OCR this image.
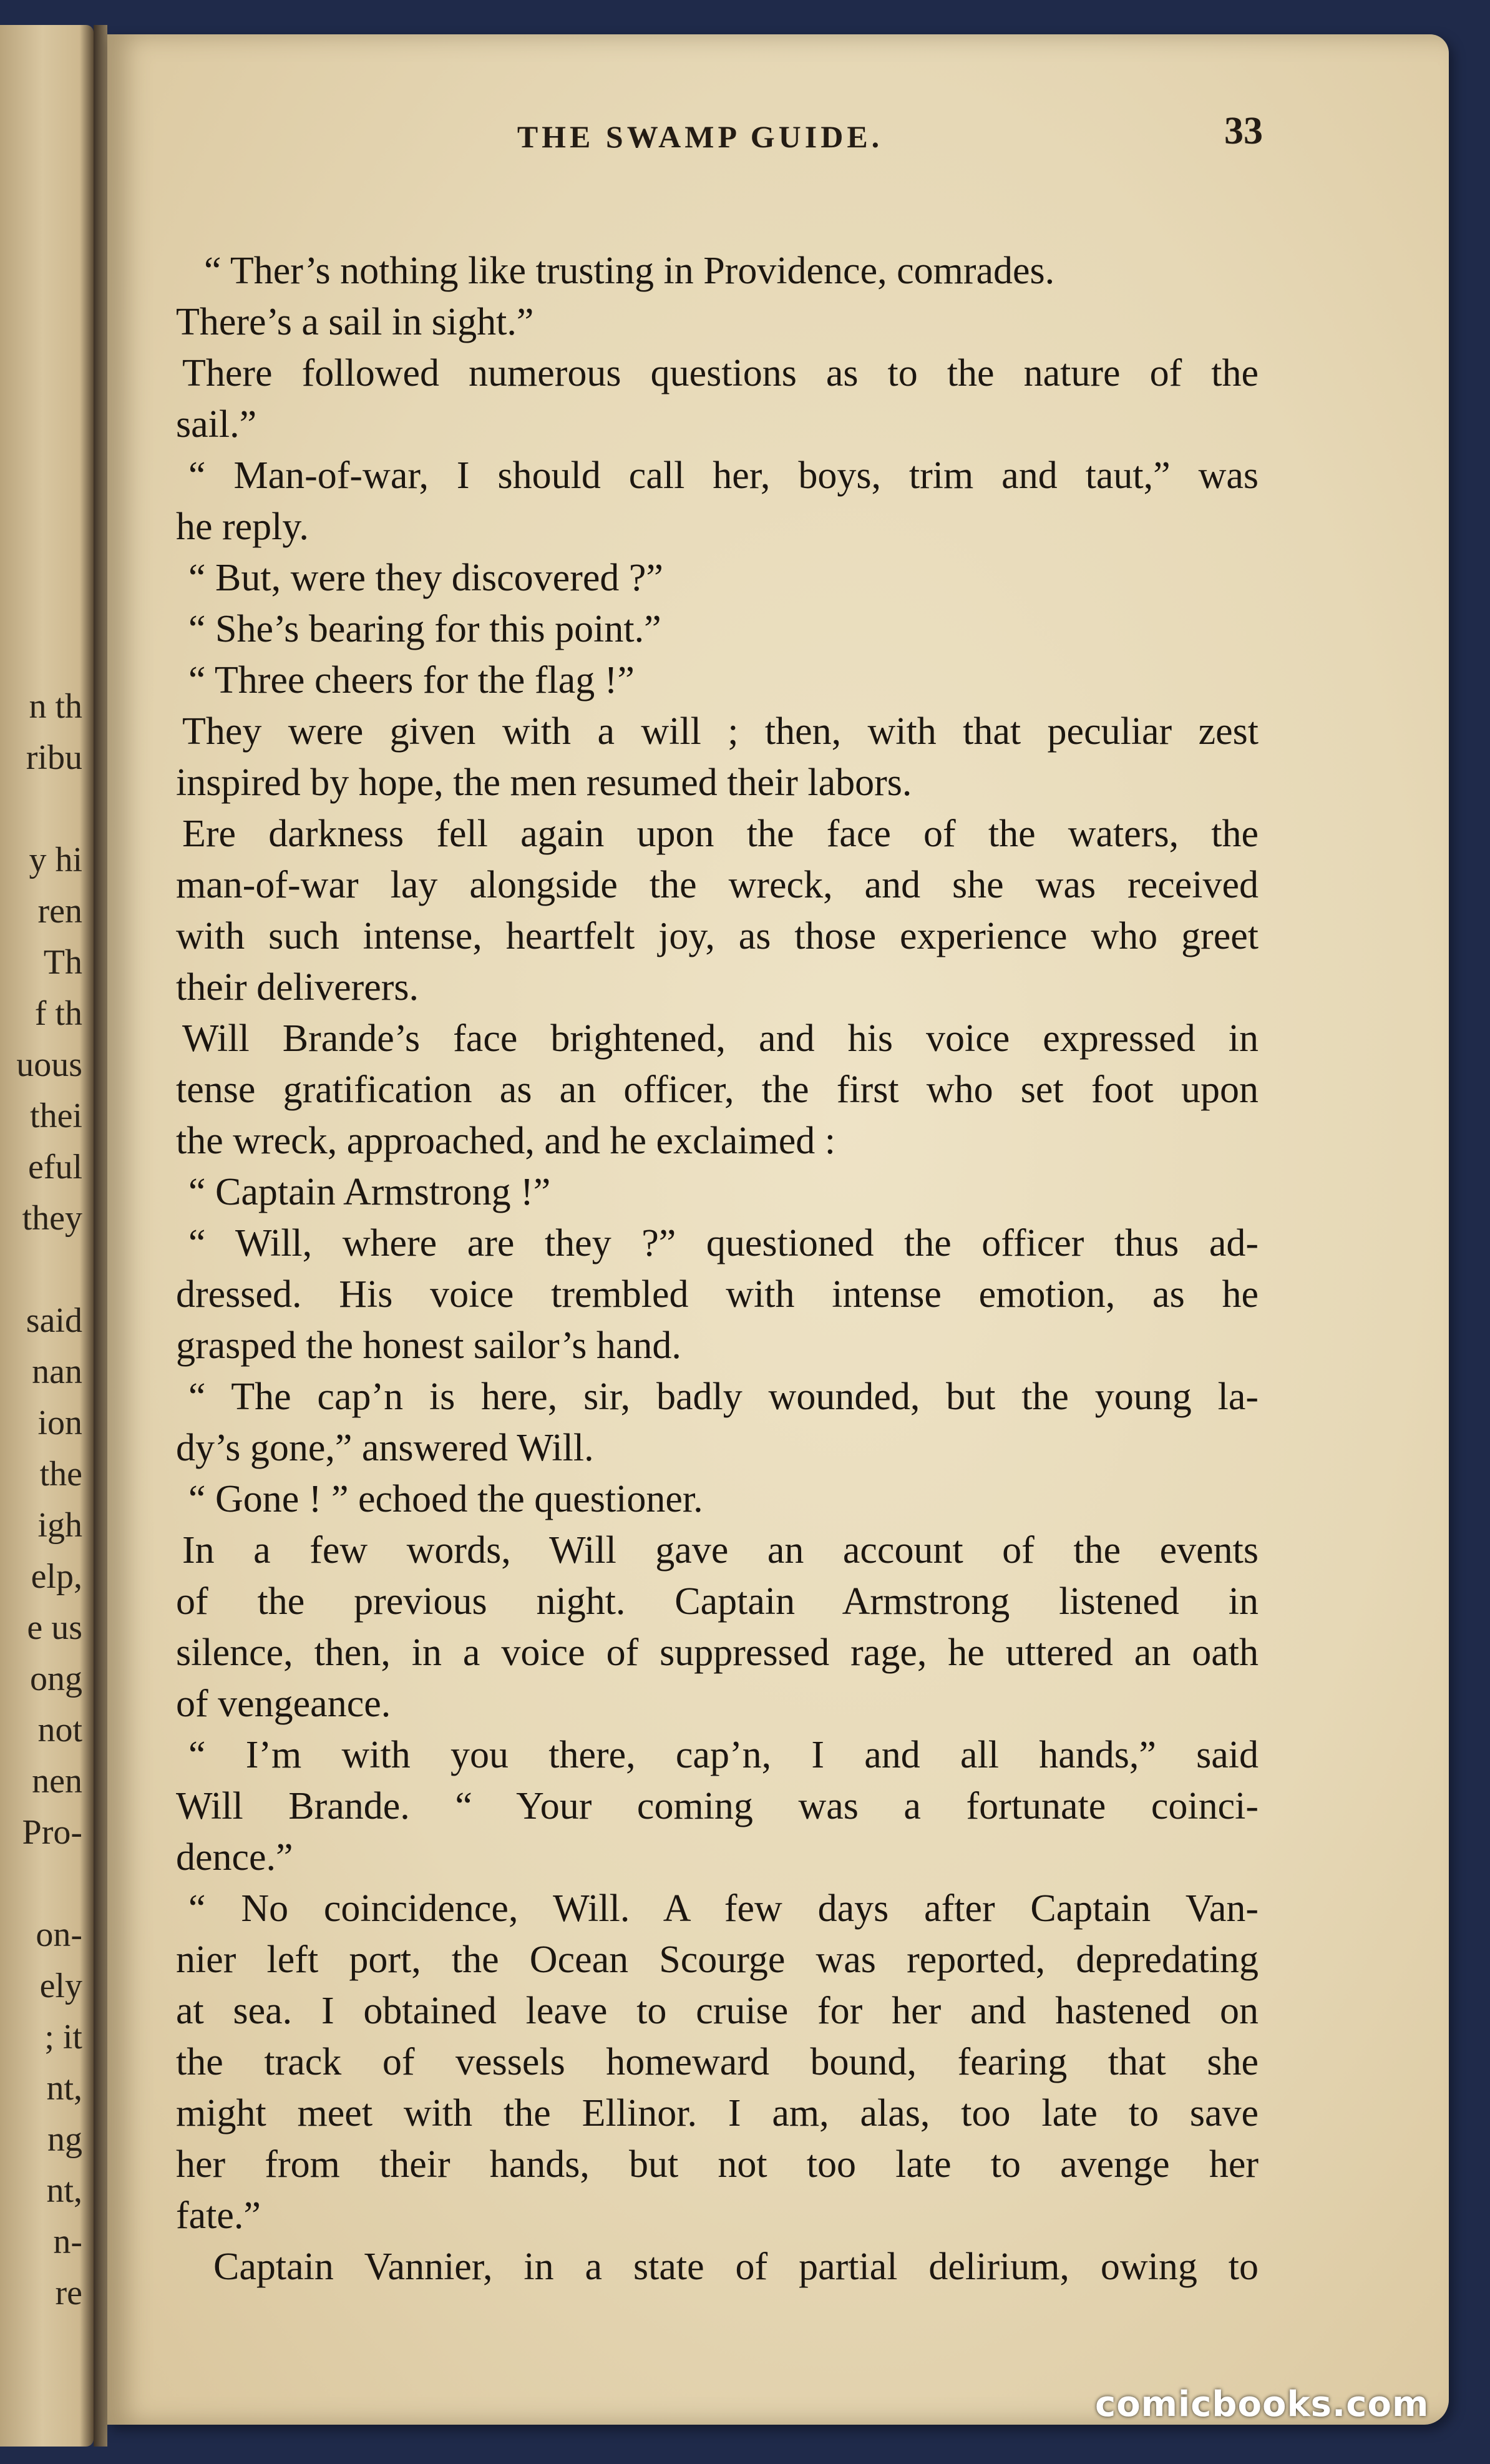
n th
ribu
y hi
ren
Th
f th
uous
thei
eful
they
said
nan
ion
the
igh
elp,
e us
ong
not
nen
Pro-
on-
ely
; it
nt,
ng
nt,
n-
re
THE SWAMP GUIDE.	33
“ Ther’s nothing like trusting in Providence, comrades.
There’s a sail in sight.”
There followed numerous questions as to the nature of the
sail.”
“ Man-of-war, I should call her, boys, trim and taut,” was
he reply.
“ But, were they discovered ?”
“ She’s bearing for this point.”
“ Three cheers for the flag !”
They were given with a will ; then, with that peculiar zest
inspired by hope, the men resumed their labors.
Ere darkness fell again upon the face of the waters, the
man-of-war lay alongside the wreck, and she was received
with such intense, heartfelt joy, as those experience who greet
their deliverers.
Will Brande’s face brightened, and his voice expressed in
tense gratification as an officer, the first who set foot upon
the wreck, approached, and he exclaimed :
“ Captain Armstrong !”
“ Will, where are they ?” questioned the officer thus ad-
dressed. His voice trembled with intense emotion, as he
grasped the honest sailor’s hand.
“ The cap’n is here, sir, badly wounded, but the young la-
dy’s gone,” answered Will.
“ Gone ! ” echoed the questioner.
In a few words, Will gave an account of the events
of the previous night. Captain Armstrong listened in
silence, then, in a voice of suppressed rage, he uttered an oath
of vengeance.
“ I’m with you there, cap’n, I and all hands,” said
Will Brande. “ Your coming was a fortunate coinci-
dence.”
“ No coincidence, Will. A few days after Captain Van-
nier left port, the Ocean Scourge was reported, depredating
at sea. I obtained leave to cruise for her and hastened on
the track of vessels homeward bound, fearing that she
might meet with the Ellinor. I am, alas, too late to save
her from their hands, but not too late to avenge her
fate.”
Captain Vannier, in a state of partial delirium, owing to
comicbooks.com
